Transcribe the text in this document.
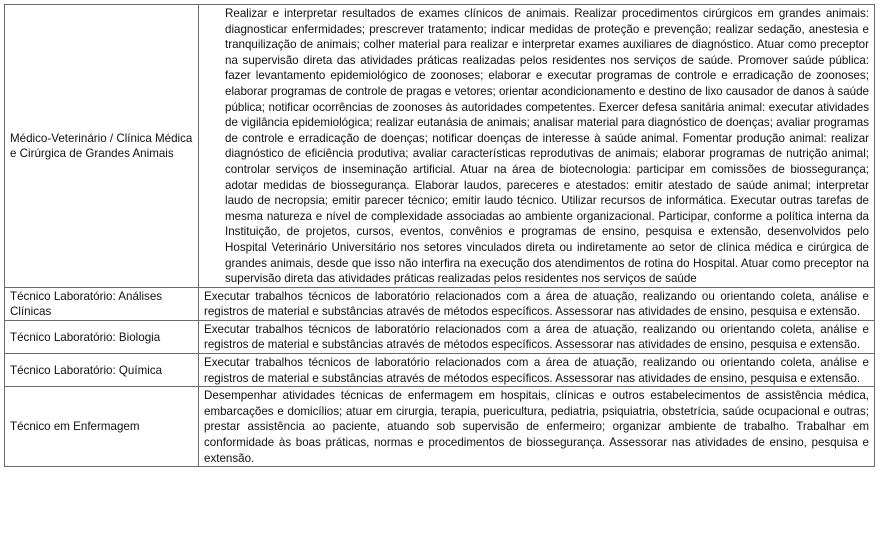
Médico-Veterinário / Clínica Médica e Cirúrgica de Grandes Animais	Realizar e interpretar resultados de exames clínicos de animais. Realizar procedimentos cirúrgicos em grandes animais: diagnosticar enfermidades; prescrever tratamento; indicar medidas de proteção e prevenção; realizar sedação, anestesia e tranquilização de animais; colher material para realizar e interpretar exames auxiliares de diagnóstico. Atuar como preceptor na supervisão direta das atividades práticas realizadas pelos residentes nos serviços de saúde. Promover saúde pública: fazer levantamento epidemiológico de zoonoses; elaborar e executar programas de controle e erradicação de zoonoses; elaborar programas de controle de pragas e vetores; orientar acondicionamento e destino de lixo causador de danos à saúde pública; notificar ocorrências de zoonoses às autoridades competentes. Exercer defesa sanitária animal: executar atividades de vigilância epidemiológica; realizar eutanásia de animais; analisar material para diagnóstico de doenças; avaliar programas de controle e erradicação de doenças; notificar doenças de interesse à saúde animal. Fomentar produção animal: realizar diagnóstico de eficiência produtiva; avaliar características reprodutivas de animais; elaborar programas de nutrição animal; controlar serviços de inseminação artificial. Atuar na área de biotecnologia: participar em comissões de biossegurança; adotar medidas de biossegurança. Elaborar laudos, pareceres e atestados: emitir atestado de saúde animal; interpretar laudo de necropsia; emitir parecer técnico; emitir laudo técnico. Utilizar recursos de informática. Executar outras tarefas de mesma natureza e nível de complexidade associadas ao ambiente organizacional. Participar, conforme a política interna da Instituição, de projetos, cursos, eventos, convênios e programas de ensino, pesquisa e extensão, desenvolvidos pelo Hospital Veterinário Universitário nos setores vinculados direta ou indiretamente ao setor de clínica médica e cirúrgica de grandes animais, desde que isso não interfira na execução dos atendimentos de rotina do Hospital. Atuar como preceptor na supervisão direta das atividades práticas realizadas pelos residentes nos serviços de saúde
Técnico Laboratório: Análises Clínicas	Executar trabalhos técnicos de laboratório relacionados com a área de atuação, realizando ou orientando coleta, análise e registros de material e substâncias através de métodos específicos. Assessorar nas atividades de ensino, pesquisa e extensão.
Técnico Laboratório: Biologia	Executar trabalhos técnicos de laboratório relacionados com a área de atuação, realizando ou orientando coleta, análise e registros de material e substâncias através de métodos específicos. Assessorar nas atividades de ensino, pesquisa e extensão.
Técnico Laboratório: Química	Executar trabalhos técnicos de laboratório relacionados com a área de atuação, realizando ou orientando coleta, análise e registros de material e substâncias através de métodos específicos. Assessorar nas atividades de ensino, pesquisa e extensão.
Técnico em Enfermagem	Desempenhar atividades técnicas de enfermagem em hospitais, clínicas e outros estabelecimentos de assistência médica, embarcações e domicílios; atuar em cirurgia, terapia, puericultura, pediatria, psiquiatria, obstetrícia, saúde ocupacional e outras; prestar assistência ao paciente, atuando sob supervisão de enfermeiro; organizar ambiente de trabalho. Trabalhar em conformidade às boas práticas, normas e procedimentos de biossegurança. Assessorar nas atividades de ensino, pesquisa e extensão.
